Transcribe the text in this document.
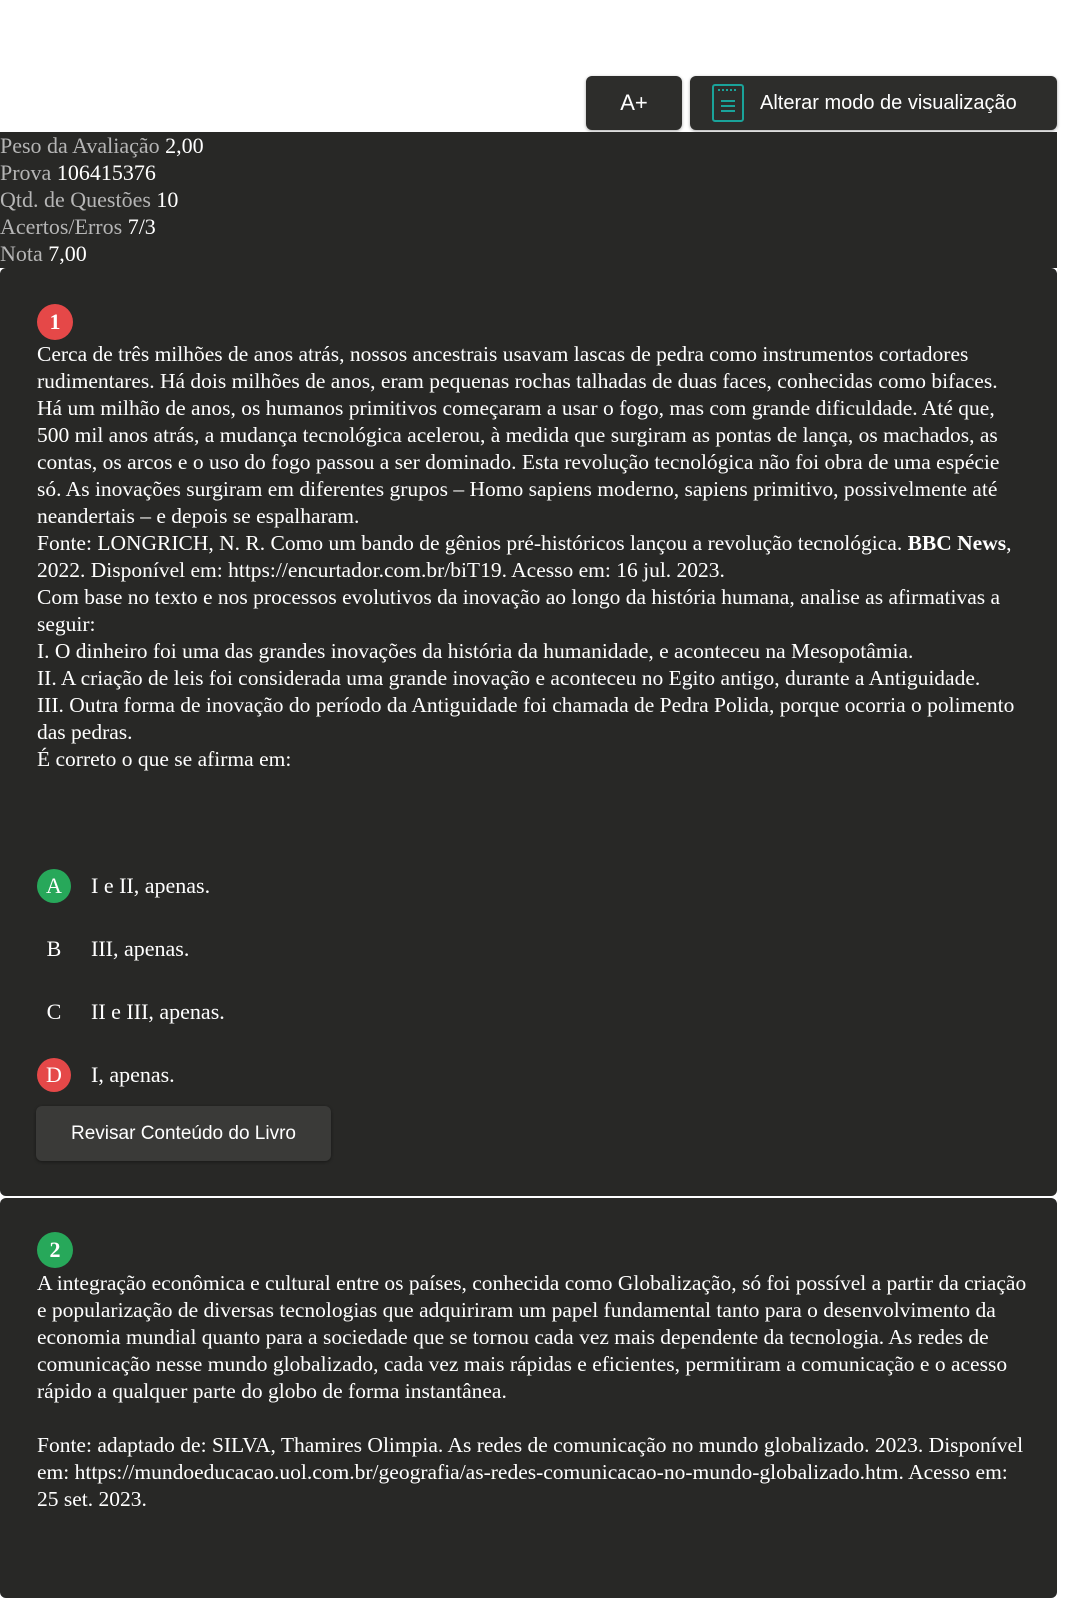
A+	Alterar modo de visualização
Peso da Avaliação 2,00
Prova 106415376
Qtd. de Questões 10
Acertos/Erros 7/3
Nota 7,00
1

Cerca de três milhões de anos atrás, nossos ancestrais usavam lascas de pedra como instrumentos cortadores rudimentares. Há dois milhões de anos, eram pequenas rochas talhadas de duas faces, conhecidas como bifaces. Há um milhão de anos, os humanos primitivos começaram a usar o fogo, mas com grande dificuldade. Até que, 500 mil anos atrás, a mudança tecnológica acelerou, à medida que surgiram as pontas de lança, os machados, as contas, os arcos e o uso do fogo passou a ser dominado. Esta revolução tecnológica não foi obra de uma espécie só. As inovações surgiram em diferentes grupos – Homo sapiens moderno, sapiens primitivo, possivelmente até neandertais – e depois se espalharam.

Fonte: LONGRICH, N. R. Como um bando de gênios pré-históricos lançou a revolução tecnológica. BBC News, 2022. Disponível em: https://encurtador.com.br/biT19. Acesso em: 16 jul. 2023.

Com base no texto e nos processos evolutivos da inovação ao longo da história humana, analise as afirmativas a seguir:

I. O dinheiro foi uma das grandes inovações da história da humanidade, e aconteceu na Mesopotâmia.

II. A criação de leis foi considerada uma grande inovação e aconteceu no Egito antigo, durante a Antiguidade.

III. Outra forma de inovação do período da Antiguidade foi chamada de Pedra Polida, porque ocorria o polimento das pedras.

É correto o que se afirma em:

A	I e II, apenas.
B	III, apenas.
C	II e III, apenas.
D	I, apenas.
Revisar Conteúdo do Livro
2

A integração econômica e cultural entre os países, conhecida como Globalização, só foi possível a partir da criação e popularização de diversas tecnologias que adquiriram um papel fundamental tanto para o desenvolvimento da economia mundial quanto para a sociedade que se tornou cada vez mais dependente da tecnologia. As redes de comunicação nesse mundo globalizado, cada vez mais rápidas e eficientes, permitiram a comunicação e o acesso rápido a qualquer parte do globo de forma instantânea.

Fonte: adaptado de: SILVA, Thamires Olimpia. As redes de comunicação no mundo globalizado. 2023. Disponível em: https://mundoeducacao.uol.com.br/geografia/as-redes-comunicacao-no-mundo-globalizado.htm. Acesso em: 25 set. 2023.
